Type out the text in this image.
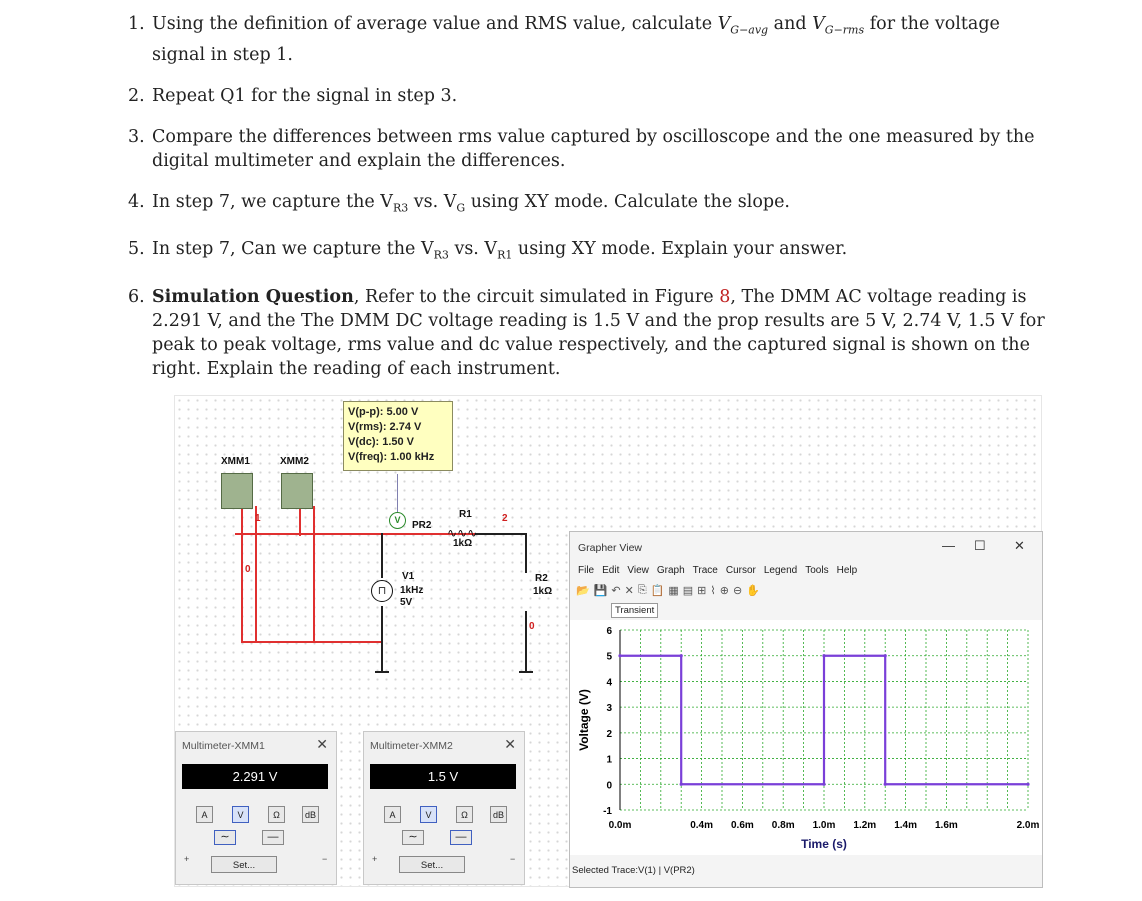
1. Using the definition of average value and RMS value, calculate $V_{G-avg}$ and $V_{G-rms}$ for the voltage signal in step 1.
2. Repeat Q1 for the signal in step 3.
3. Compare the differences between rms value captured by oscilloscope and the one measured by the digital multimeter and explain the differences.
4. In step 7, we capture the $V_{R3}$ vs. $V_G$ using XY mode. Calculate the slope.
5. In step 7, Can we capture the $V_{R3}$ vs. $V_{R1}$ using XY mode. Explain your answer.
6. Simulation Question, Refer to the circuit simulated in Figure 8, The DMM AC voltage reading is 2.291 V, and the The DMM DC voltage reading is 1.5 V and the prop results are 5 V, 2.74 V, 1.5 V for peak to peak voltage, rms value and dc value respectively, and the captured signal is shown on the right. Explain the reading of each instrument.
V(p-p): 5.00 V
V(rms): 2.74 V
V(dc): 1.50 V
V(freq): 1.00 kHz
V	PR2
XMM1	XMM2
1	2
0
0
R1
1kΩ
∿∿∿
R2
1kΩ
⊓
V1
1kHz
5V
Multimeter-XMM1	✕
2.291 V
A	V	Ω	dB
∼	—
Set...
+	−
Multimeter-XMM2	✕
1.5 V
A	V	Ω	dB
∼	—
Set...
+	−
Grapher View	— ☐ ✕
File Edit View Graph Trace Cursor Legend Tools Help
📂 💾 ↶ ✕ ⎘ 📋 ▦ ▤ ⊞ ⌇ ⊕ ⊖ ✋
Transient
6
5
4
3
2
1
0
-1
0.0m	0.4m 0.6m 0.8m 1.0m 1.2m 1.4m 1.6m	2.0m
Time (s)
Voltage (V)
Selected Trace:V(1) | V(PR2)
